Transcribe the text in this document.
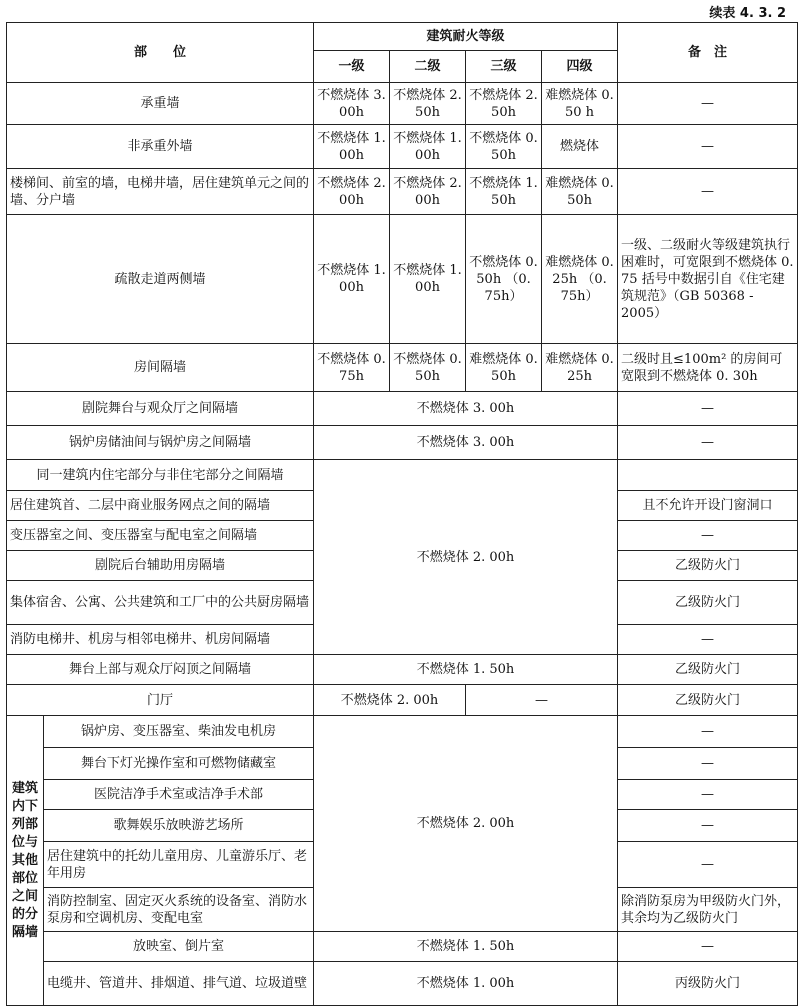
续表 4. 3. 2
部　　位		建筑耐火等级				备　注
		一级	二级	三级	四级	
承重墙		不燃烧体 3. 00h	不燃烧体 2. 50h	不燃烧体 2. 50h	难燃烧体 0. 50 h	—
非承重外墙		不燃烧体 1. 00h	不燃烧体 1. 00h	不燃烧体 0. 50h	燃烧体	—
楼梯间、前室的墙，电梯井墙，居住建筑单元之间的墙、分户墙		不燃烧体 2. 00h	不燃烧体 2. 00h	不燃烧体 1. 50h	难燃烧体 0. 50h	—
疏散走道两侧墙		不燃烧体 1. 00h	不燃烧体 1. 00h	不燃烧体 0. 50h （0. 75h）	难燃烧体 0. 25h （0. 75h）	一级、二级耐火等级建筑执行困难时，可宽限到不燃烧体 0. 75 括号中数据引自《住宅建筑规范》（GB 50368 - 2005）
房间隔墙		不燃烧体 0. 75h	不燃烧体 0. 50h	难燃烧体 0. 50h	难燃烧体 0. 25h	二级时且≤100m² 的房间可宽限到不燃烧体 0. 30h
剧院舞台与观众厅之间隔墙		不燃烧体 3. 00h				—
锅炉房储油间与锅炉房之间隔墙		不燃烧体 3. 00h				—
同一建筑内住宅部分与非住宅部分之间隔墙		不燃烧体 2. 00h				
居住建筑首、二层中商业服务网点之间的隔墙						且不允许开设门窗洞口
变压器室之间、变压器室与配电室之间隔墙						—
剧院后台辅助用房隔墙						乙级防火门
集体宿舍、公寓、公共建筑和工厂中的公共厨房隔墙						乙级防火门
消防电梯井、机房与相邻电梯井、机房间隔墙						—
舞台上部与观众厅闷顶之间隔墙		不燃烧体 1. 50h				乙级防火门
门厅		不燃烧体 2. 00h		—		乙级防火门
建筑内下列部位与其他部位之间的分隔墙	锅炉房、变压器室、柴油发电机房	不燃烧体 2. 00h				—
	舞台下灯光操作室和可燃物储藏室					—
	医院洁净手术室或洁净手术部					—
	歌舞娱乐放映游艺场所					—
	居住建筑中的托幼儿童用房、儿童游乐厅、老年用房					—
	消防控制室、固定灭火系统的设备室、消防水泵房和空调机房、变配电室					除消防泵房为甲级防火门外，其余均为乙级防火门
	放映室、倒片室	不燃烧体 1. 50h				—
	电缆井、管道井、排烟道、排气道、垃圾道壁	不燃烧体 1. 00h				丙级防火门
